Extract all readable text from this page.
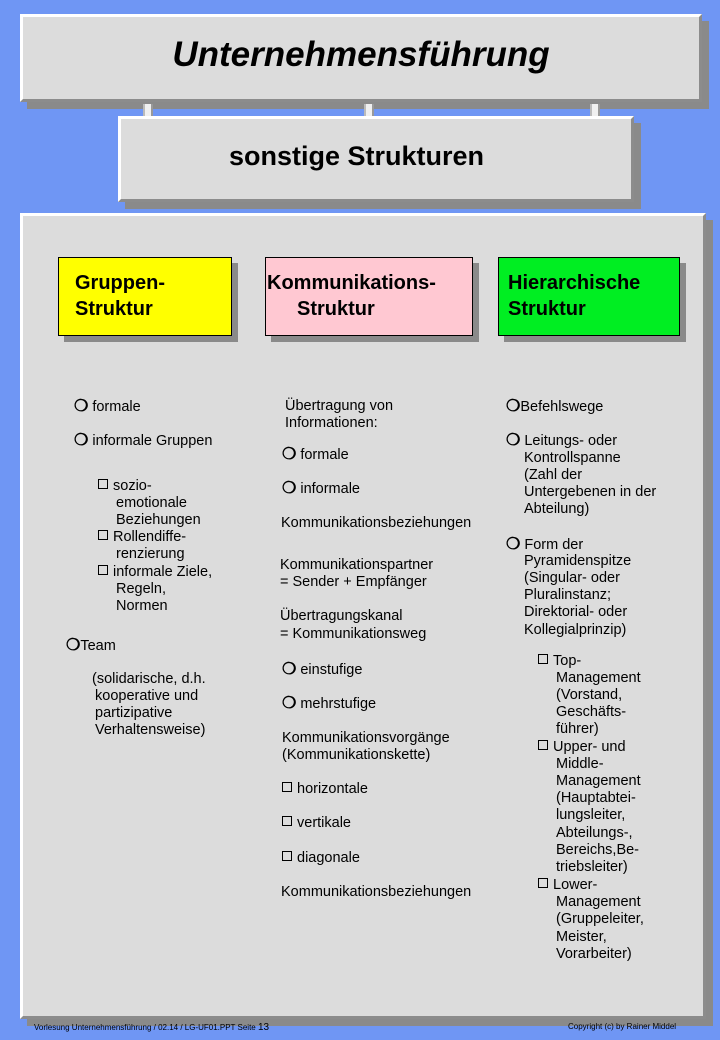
Unternehmensführung
sonstige Strukturen
Gruppen-
Struktur
Kommunikations-
Struktur
Hierarchische
Struktur
❍ formale
❍ informale Gruppen
sozio-
emotionale
Beziehungen
Rollendiffe-
renzierung
informale Ziele,
Regeln,
Normen
❍Team
(solidarische, d.h.
kooperative und
partizipative
Verhaltensweise)
Übertragung von
Informationen:
❍ formale
❍ informale
Kommunikationsbeziehungen
Kommunikationspartner
= Sender + Empfänger
Übertragungskanal
= Kommunikationsweg
❍ einstufige
❍ mehrstufige
Kommunikationsvorgänge
(Kommunikationskette)
horizontale
vertikale
diagonale
Kommunikationsbeziehungen
❍Befehlswege
❍ Leitungs- oder
Kontrollspanne
(Zahl der
Untergebenen in der
Abteilung)
❍ Form der
Pyramidenspitze
(Singular- oder
Pluralinstanz;
Direktorial- oder
Kollegialprinzip)
Top-
Management
(Vorstand,
Geschäfts-
führer)
Upper- und
Middle-
Management
(Hauptabtei-
lungsleiter,
Abteilungs-,
Bereichs,Be-
triebsleiter)
Lower-
Management
(Gruppeleiter,
Meister,
Vorarbeiter)
Vorlesung Unternehmensführung / 02.14 / LG-UF01.PPT Seite 13	Copyright (c) by Rainer Middel
